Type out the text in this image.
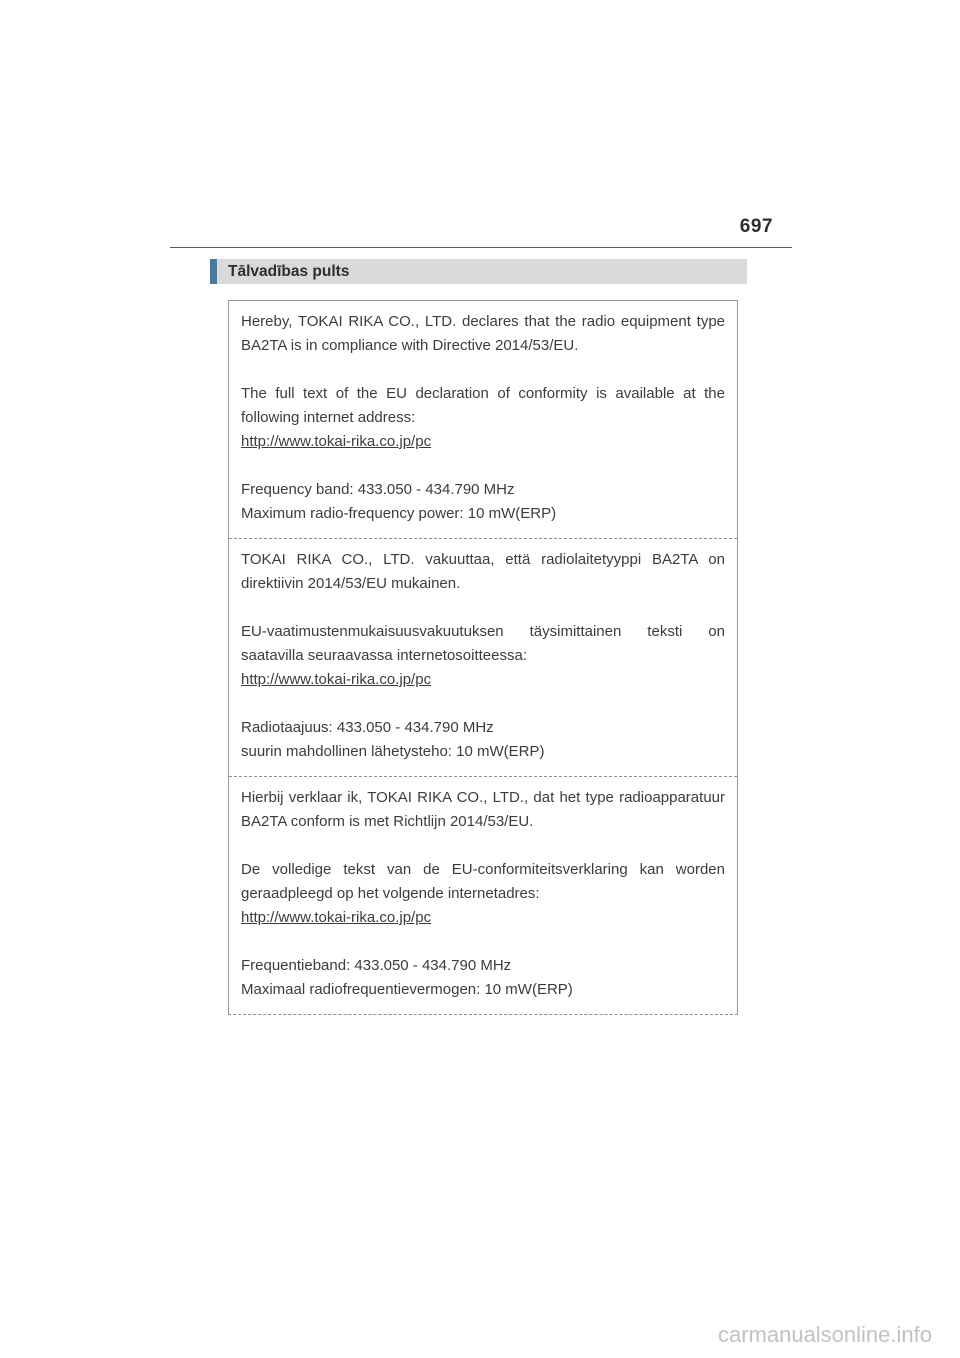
697
Tālvadības pults

Hereby, TOKAI RIKA CO., LTD. declares that the radio equipment type BA2TA is in compliance with Directive 2014/53/EU.

The full text of the EU declaration of conformity is available at the following internet address:

http://www.tokai-rika.co.jp/pc

Frequency band: 433.050 - 434.790 MHz

Maximum radio-frequency power: 10 mW(ERP)

TOKAI RIKA CO., LTD. vakuuttaa, että radiolaitetyyppi BA2TA on direktiivin 2014/53/EU mukainen.

EU-vaatimustenmukaisuusvakuutuksen täysimittainen teksti on saatavilla seuraavassa internetosoitteessa:

http://www.tokai-rika.co.jp/pc

Radiotaajuus: 433.050 - 434.790 MHz

suurin mahdollinen lähetysteho: 10 mW(ERP)

Hierbij verklaar ik, TOKAI RIKA CO., LTD., dat het type radioapparatuur BA2TA conform is met Richtlijn 2014/53/EU.

De volledige tekst van de EU-conformiteitsverklaring kan worden geraadpleegd op het volgende internetadres:

http://www.tokai-rika.co.jp/pc

Frequentieband: 433.050 - 434.790 MHz

Maximaal radiofrequentievermogen: 10 mW(ERP)

carmanualsonline.info
